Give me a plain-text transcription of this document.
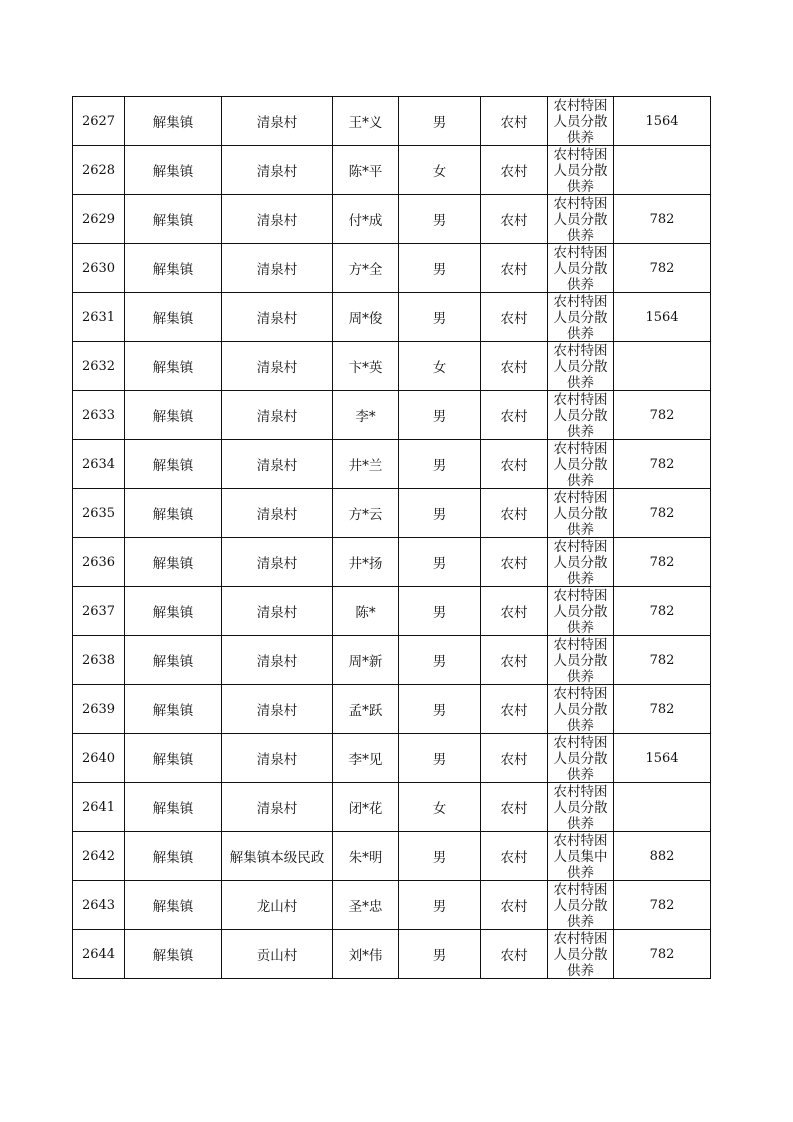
2627	解集镇	清泉村	王*义	男	农村	农村特困人员分散供养	1564
2628	解集镇	清泉村	陈*平	女	农村	农村特困人员分散供养	

2629	解集镇	清泉村	付*成	男	农村	农村特困人员分散供养	782
2630	解集镇	清泉村	方*全	男	农村	农村特困人员分散供养	782
2631	解集镇	清泉村	周*俊	男	农村	农村特困人员分散供养	1564
2632	解集镇	清泉村	卞*英	女	农村	农村特困人员分散供养	

2633	解集镇	清泉村	李*	男	农村	农村特困人员分散供养	782
2634	解集镇	清泉村	井*兰	男	农村	农村特困人员分散供养	782
2635	解集镇	清泉村	方*云	男	农村	农村特困人员分散供养	782
2636	解集镇	清泉村	井*扬	男	农村	农村特困人员分散供养	782
2637	解集镇	清泉村	陈*	男	农村	农村特困人员分散供养	782
2638	解集镇	清泉村	周*新	男	农村	农村特困人员分散供养	782
2639	解集镇	清泉村	孟*跃	男	农村	农村特困人员分散供养	782
2640	解集镇	清泉村	李*见	男	农村	农村特困人员分散供养	1564
2641	解集镇	清泉村	闭*花	女	农村	农村特困人员分散供养	

2642	解集镇	解集镇本级民政	朱*明	男	农村	农村特困人员集中供养	882
2643	解集镇	龙山村	圣*忠	男	农村	农村特困人员分散供养	782
2644	解集镇	贡山村	刘*伟	男	农村	农村特困人员分散供养	782
